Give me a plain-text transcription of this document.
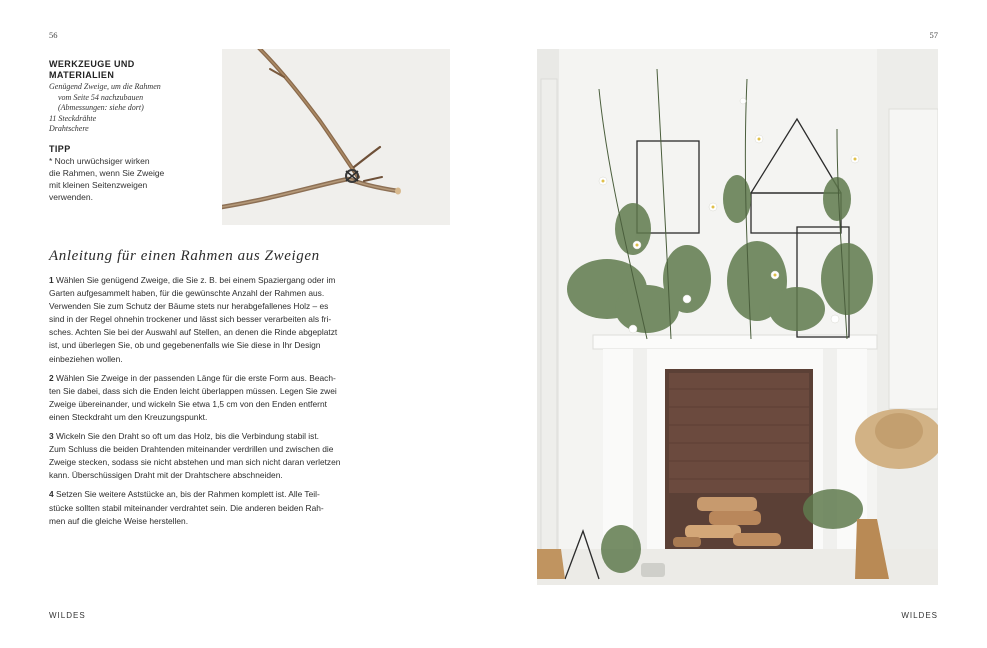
56	57
WERKZEUGE UND
MATERIALIEN
Genügend Zweige, um die Rahmen
vom Seite 54 nachzubauen
(Abmessungen: siehe dort)
11 Steckdrähte
Drahtschere
TIPP
* Noch urwüchsiger wirken
die Rahmen, wenn Sie Zweige
mit kleinen Seitenzweigen
verwenden.
Anleitung für einen Rahmen aus Zweigen

1 Wählen Sie genügend Zweige, die Sie z. B. bei einem Spaziergang oder im
Garten aufgesammelt haben, für die gewünschte Anzahl der Rahmen aus.
Verwenden Sie zum Schutz der Bäume stets nur herabgefallenes Holz – es
sind in der Regel ohnehin trockener und lässt sich besser verarbeiten als fri-
sches. Achten Sie bei der Auswahl auf Stellen, an denen die Rinde abgeplatzt
ist, und überlegen Sie, ob und gegebenenfalls wie Sie diese in Ihr Design
einbeziehen wollen.

2 Wählen Sie Zweige in der passenden Länge für die erste Form aus. Beach-
ten Sie dabei, dass sich die Enden leicht überlappen müssen. Legen Sie zwei
Zweige übereinander, und wickeln Sie etwa 1,5 cm von den Enden entfernt
einen Steckdraht um den Kreuzungspunkt.

3 Wickeln Sie den Draht so oft um das Holz, bis die Verbindung stabil ist.
Zum Schluss die beiden Drahtenden miteinander verdrillen und zwischen die
Zweige stecken, sodass sie nicht abstehen und man sich nicht daran verletzen
kann. Überschüssigen Draht mit der Drahtschere abschneiden.

4 Setzen Sie weitere Aststücke an, bis der Rahmen komplett ist. Alle Teil-
stücke sollten stabil miteinander verdrahtet sein. Die anderen beiden Rah-
men auf die gleiche Weise herstellen.

WILDES	WILDES
